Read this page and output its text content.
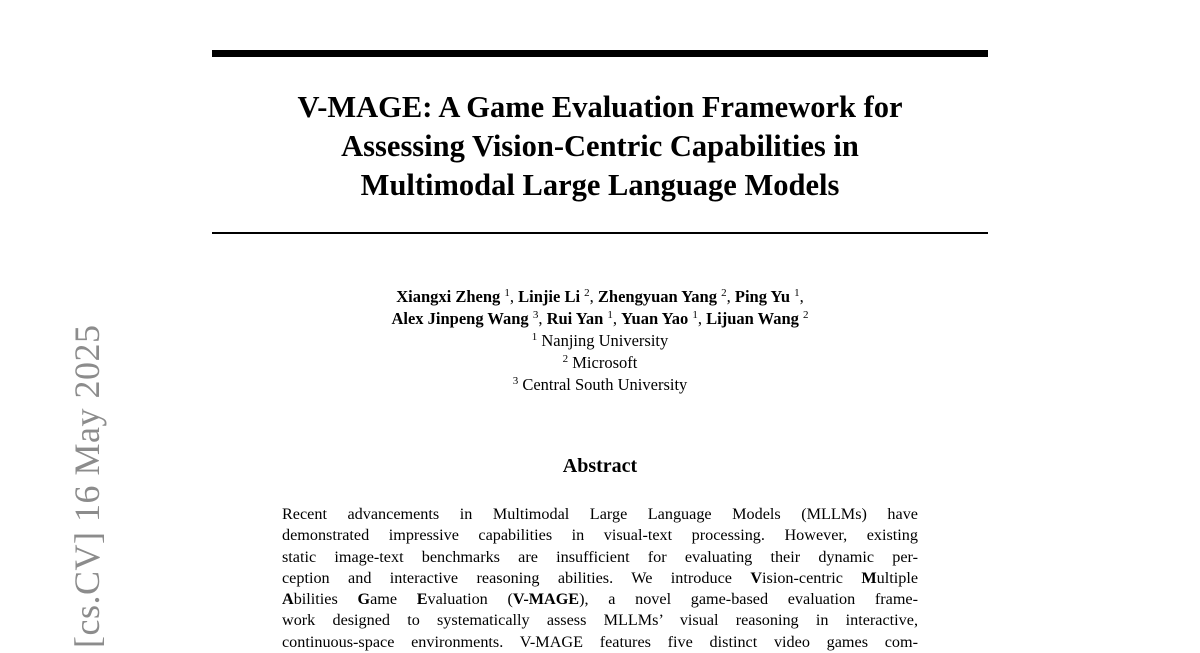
[cs.CV] 16 May 2025
V-MAGE: A Game Evaluation Framework for
Assessing Vision-Centric Capabilities in
Multimodal Large Language Models
Xiangxi Zheng $^1$, Linjie Li $^2$, Zhengyuan Yang $^2$, Ping Yu $^1$,
Alex Jinpeng Wang $^3$, Rui Yan $^1$, Yuan Yao $^1$, Lijuan Wang $^2$
$^1$ Nanjing University
$^2$ Microsoft
$^3$ Central South University
Abstract
Recent advancements in Multimodal Large Language Models (MLLMs) have
demonstrated impressive capabilities in visual-text processing. However, existing
static image-text benchmarks are insufficient for evaluating their dynamic per-
ception and interactive reasoning abilities. We introduce Vision-centric Multiple
Abilities Game Evaluation (V-MAGE), a novel game-based evaluation frame-
work designed to systematically assess MLLMs’ visual reasoning in interactive,
continuous-space environments. V-MAGE features five distinct video games com-
